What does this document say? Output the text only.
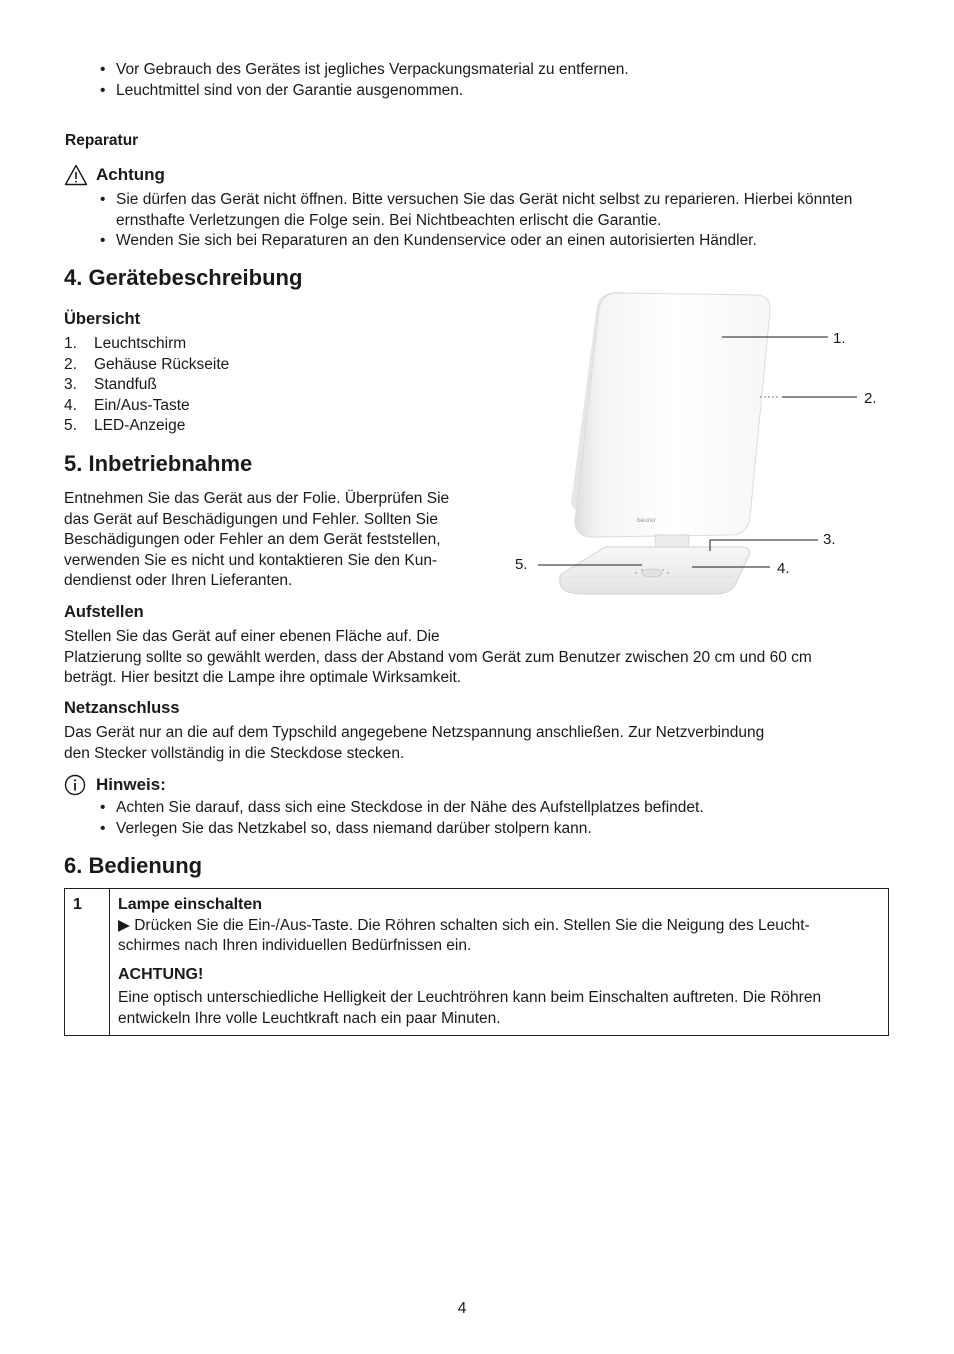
• Vor Gebrauch des Gerätes ist jegliches Verpackungsmaterial zu entfernen.
• Leuchtmittel sind von der Garantie ausgenommen.
Reparatur
Achtung
• Sie dürfen das Gerät nicht öffnen. Bitte versuchen Sie das Gerät nicht selbst zu reparieren. Hierbei könnten ernsthafte Verletzungen die Folge sein. Bei Nichtbeachten erlischt die Garantie.
• Wenden Sie sich bei Reparaturen an den Kundenservice oder an einen autorisierten Händler.
4. Gerätebeschreibung
Übersicht
1. Leuchtschirm
2. Gehäuse Rückseite
3. Standfuß
4. Ein/Aus-Taste
5. LED-Anzeige
beurer
1.
2.
3.
4.
5.
5. Inbetriebnahme
Entnehmen Sie das Gerät aus der Folie. Überprüfen Sie
das Gerät auf Beschädigungen und Fehler. Sollten Sie
Beschädigungen oder Fehler an dem Gerät feststellen,
verwenden Sie es nicht und kontaktieren Sie den Kun-
dendienst oder Ihren Lieferanten.
Aufstellen
Stellen Sie das Gerät auf einer ebenen Fläche auf. Die
Platzierung sollte so gewählt werden, dass der Abstand vom Gerät zum Benutzer zwischen 20 cm und 60 cm
beträgt. Hier besitzt die Lampe ihre optimale Wirksamkeit.
Netzanschluss
Das Gerät nur an die auf dem Typschild angegebene Netzspannung anschließen. Zur Netzverbindung
den Stecker vollständig in die Steckdose stecken.
Hinweis:
• Achten Sie darauf, dass sich eine Steckdose in der Nähe des Aufstellplatzes befindet.
• Verlegen Sie das Netzkabel so, dass niemand darüber stolpern kann.
6. Bedienung
1	Lampe einschalten
▶ Drücken Sie die Ein-/Aus-Taste. Die Röhren schalten sich ein. Stellen Sie die Neigung des Leucht-
schirmes nach Ihren individuellen Bedürfnissen ein.
ACHTUNG!
Eine optisch unterschiedliche Helligkeit der Leuchtröhren kann beim Einschalten auftreten. Die Röhren
entwickeln Ihre volle Leuchtkraft nach ein paar Minuten.
4
